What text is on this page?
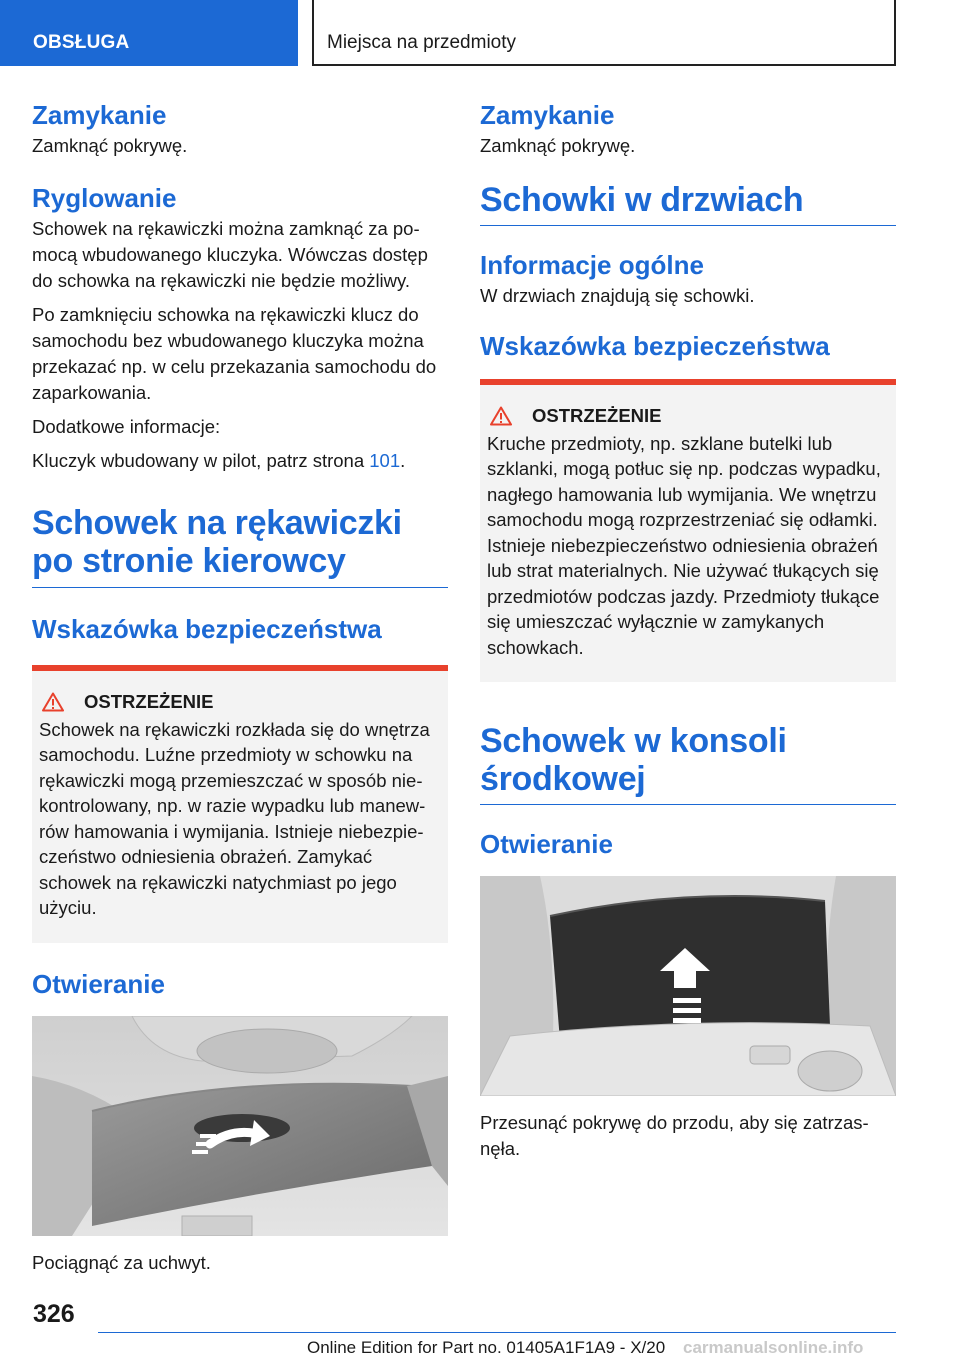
OBSŁUGA	Miejsca na przedmioty
Zamykanie

Zamknąć pokrywę.

Ryglowanie

Schowek na rękawiczki można zamknąć za pomocą wbudowanego kluczyka. Wówczas dostęp do schowka na rękawiczki nie będzie możliwy.

Po zamknięciu schowka na rękawiczki klucz do samochodu bez wbudowanego kluczyka można przekazać np. w celu przekazania samochodu do zaparkowania.

Dodatkowe informacje:

Kluczyk wbudowany w pilot, patrz strona 101.

Schowek na rękawiczki po stronie kierowcy
Wskazówka bezpieczeństwa
OSTRZEŻENIE

Schowek na rękawiczki rozkłada się do wnętrza samochodu. Luźne przedmioty w schowku na rękawiczki mogą przemieszczać w sposób niekontrolowany, np. w razie wypadku lub manewrów hamowania i wymijania. Istnieje niebezpieczeństwo odniesienia obrażeń. Zamykać schowek na rękawiczki natychmiast po jego użyciu.

Otwieranie

Pociągnąć za uchwyt.

Zamykanie

Zamknąć pokrywę.

Schowki w drzwiach
Informacje ogólne

W drzwiach znajdują się schowki.

Wskazówka bezpieczeństwa
OSTRZEŻENIE

Kruche przedmioty, np. szklane butelki lub szklanki, mogą potłuc się np. podczas wypadku, nagłego hamowania lub wymijania. We wnętrzu samochodu mogą rozprzestrzeniać się odłamki. Istnieje niebezpieczeństwo odniesienia obrażeń lub strat materialnych. Nie używać tłukących się przedmiotów podczas jazdy. Przedmioty tłukące się umieszczać wyłącznie w zamykanych schowkach.

Schowek w konsoli środkowej
Otwieranie

Przesunąć pokrywę do przodu, aby się zatrzasnęła.

326
Online Edition for Part no. 01405A1F1A9 - X/20 carmanualsonline.info
